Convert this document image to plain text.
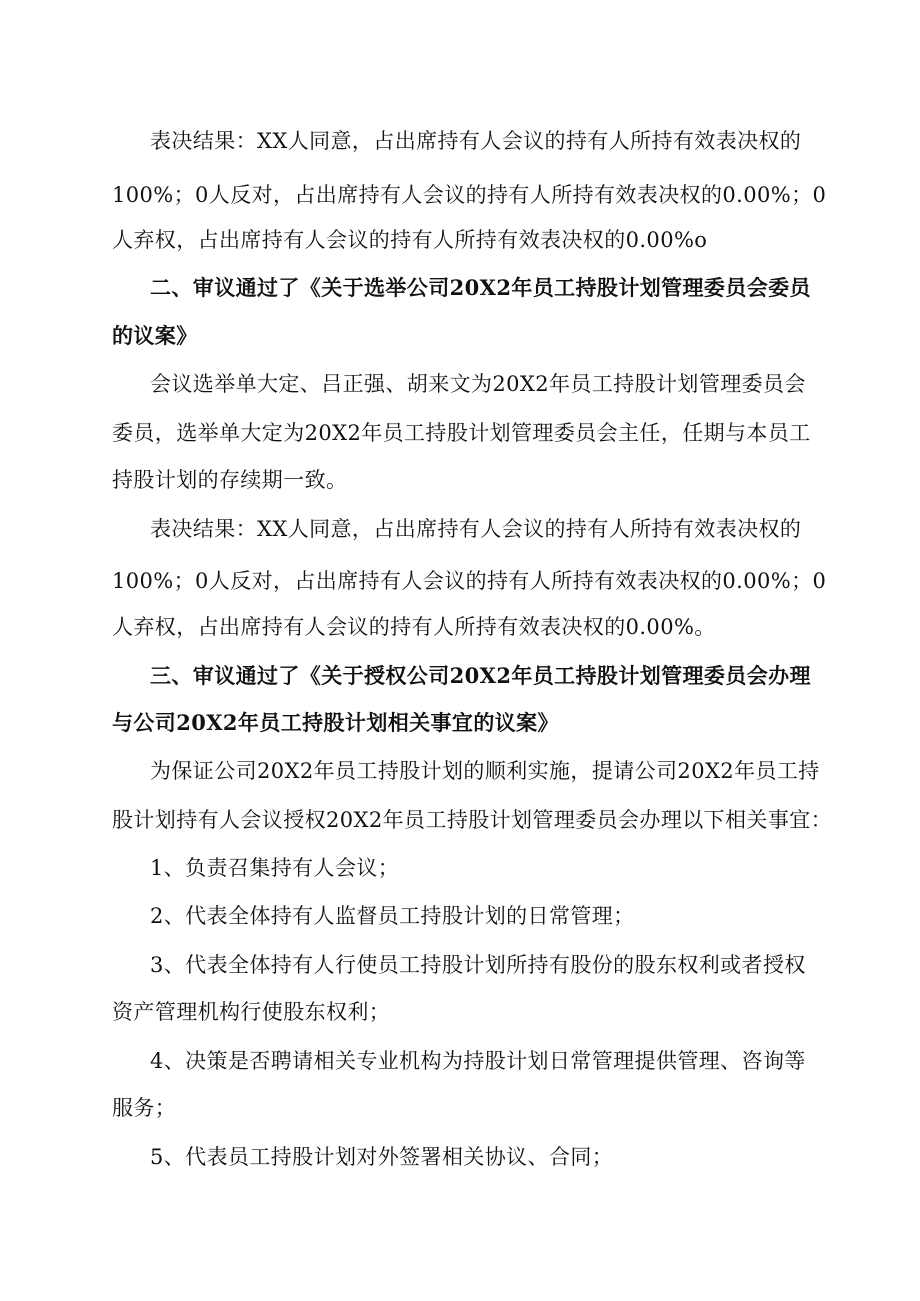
表决结果：XX人同意，占出席持有人会议的持有人所持有效表决权的
100%；0人反对，占出席持有人会议的持有人所持有效表决权的0.00%；0
人弃权，占出席持有人会议的持有人所持有效表决权的0.00%o
二、审议通过了《关于选举公司20X2年员工持股计划管理委员会委员
的议案》
会议选举单大定、吕正强、胡来文为20X2年员工持股计划管理委员会
委员，选举单大定为20X2年员工持股计划管理委员会主任，任期与本员工
持股计划的存续期一致。
表决结果：XX人同意，占出席持有人会议的持有人所持有效表决权的
100%；0人反对，占出席持有人会议的持有人所持有效表决权的0.00%；0
人弃权，占出席持有人会议的持有人所持有效表决权的0.00%。
三、审议通过了《关于授权公司20X2年员工持股计划管理委员会办理
与公司20X2年员工持股计划相关事宜的议案》
为保证公司20X2年员工持股计划的顺利实施，提请公司20X2年员工持
股计划持有人会议授权20X2年员工持股计划管理委员会办理以下相关事宜：
1、负责召集持有人会议；
2、代表全体持有人监督员工持股计划的日常管理；
3、代表全体持有人行使员工持股计划所持有股份的股东权利或者授权
资产管理机构行使股东权利；
4、决策是否聘请相关专业机构为持股计划日常管理提供管理、咨询等
服务；
5、代表员工持股计划对外签署相关协议、合同；
